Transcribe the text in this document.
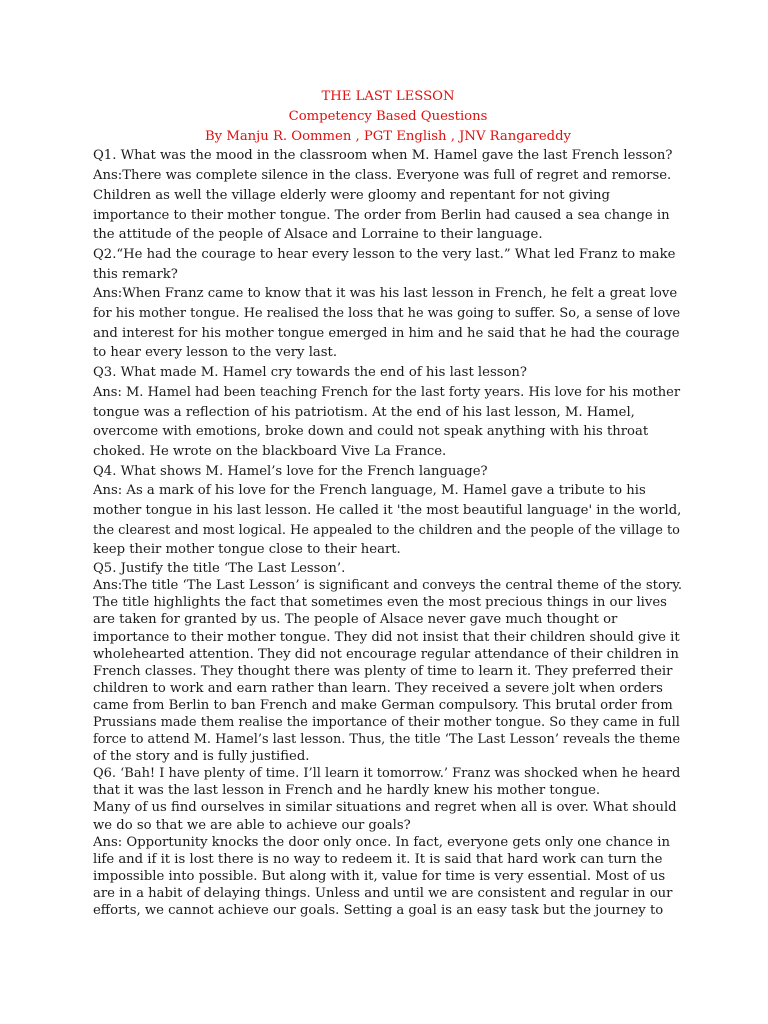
THE LAST LESSON
Competency Based Questions
By Manju R. Oommen , PGT English , JNV Rangareddy
Q1. What was the mood in the classroom when M. Hamel gave the last French lesson?
Ans:There was complete silence in the class. Everyone was full of regret and remorse.
Children as well the village elderly were gloomy and repentant for not giving
importance to their mother tongue. The order from Berlin had caused a sea change in
the attitude of the people of Alsace and Lorraine to their language.
Q2.“He had the courage to hear every lesson to the very last.” What led Franz to make
this remark?
Ans:When Franz came to know that it was his last lesson in French, he felt a great love
for his mother tongue. He realised the loss that he was going to suffer. So, a sense of love
and interest for his mother tongue emerged in him and he said that he had the courage
to hear every lesson to the very last.
Q3. What made M. Hamel cry towards the end of his last lesson?
Ans: M. Hamel had been teaching French for the last forty years. His love for his mother
tongue was a reflection of his patriotism. At the end of his last lesson, M. Hamel,
overcome with emotions, broke down and could not speak anything with his throat
choked. He wrote on the blackboard Vive La France.
Q4. What shows M. Hamel’s love for the French language?
Ans: As a mark of his love for the French language, M. Hamel gave a tribute to his
mother tongue in his last lesson. He called it 'the most beautiful language' in the world,
the clearest and most logical. He appealed to the children and the people of the village to
keep their mother tongue close to their heart.
Q5. Justify the title ‘The Last Lesson’.
Ans:The title ‘The Last Lesson’ is significant and conveys the central theme of the story.
The title highlights the fact that sometimes even the most precious things in our lives
are taken for granted by us. The people of Alsace never gave much thought or
importance to their mother tongue. They did not insist that their children should give it
wholehearted attention. They did not encourage regular attendance of their children in
French classes. They thought there was plenty of time to learn it. They preferred their
children to work and earn rather than learn. They received a severe jolt when orders
came from Berlin to ban French and make German compulsory. This brutal order from
Prussians made them realise the importance of their mother tongue. So they came in full
force to attend M. Hamel’s last lesson. Thus, the title ‘The Last Lesson’ reveals the theme
of the story and is fully justified.
Q6. ‘Bah! I have plenty of time. I’ll learn it tomorrow.’ Franz was shocked when he heard
that it was the last lesson in French and he hardly knew his mother tongue.
Many of us find ourselves in similar situations and regret when all is over. What should
we do so that we are able to achieve our goals?
Ans: Opportunity knocks the door only once. In fact, everyone gets only one chance in
life and if it is lost there is no way to redeem it. It is said that hard work can turn the
impossible into possible. But along with it, value for time is very essential. Most of us
are in a habit of delaying things. Unless and until we are consistent and regular in our
efforts, we cannot achieve our goals. Setting a goal is an easy task but the journey to
